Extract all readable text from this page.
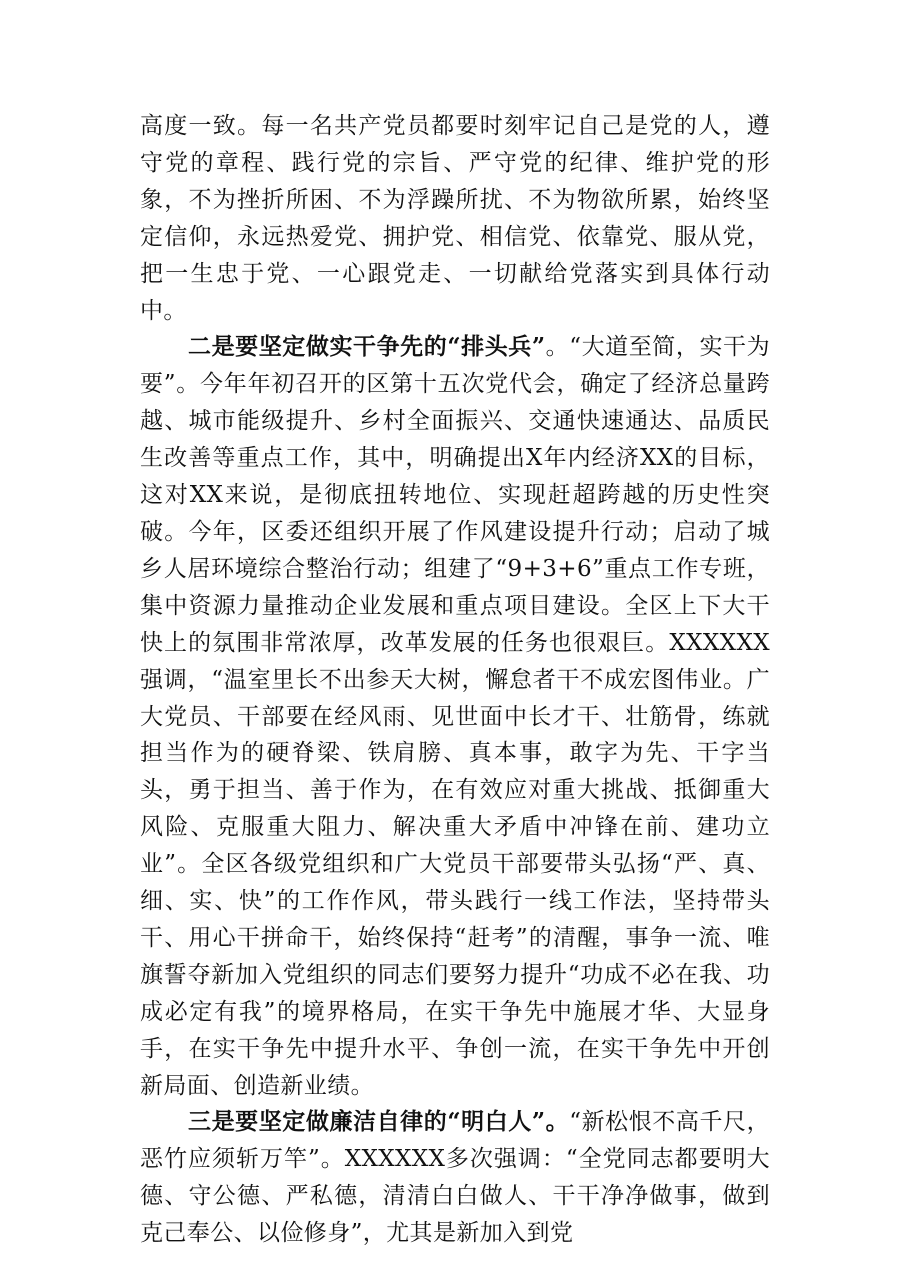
高度一致。每一名共产党员都要时刻牢记自己是党的人，遵守党的章程、践行党的宗旨、严守党的纪律、维护党的形象，不为挫折所困、不为浮躁所扰、不为物欲所累，始终坚定信仰，永远热爱党、拥护党、相信党、依靠党、服从党，把一生忠于党、一心跟党走、一切献给党落实到具体行动中。

二是要坚定做实干争先的“排头兵”。“大道至简，实干为要”。今年年初召开的区第十五次党代会，确定了经济总量跨越、城市能级提升、乡村全面振兴、交通快速通达、品质民生改善等重点工作，其中，明确提出X年内经济XX的目标，这对XX来说，是彻底扭转地位、实现赶超跨越的历史性突破。今年，区委还组织开展了作风建设提升行动；启动了城乡人居环境综合整治行动；组建了“9+3+6”重点工作专班，集中资源力量推动企业发展和重点项目建设。全区上下大干快上的氛围非常浓厚，改革发展的任务也很艰巨。XXXXXX强调，“温室里长不出参天大树，懈怠者干不成宏图伟业。广大党员、干部要在经风雨、见世面中长才干、壮筋骨，练就担当作为的硬脊梁、铁肩膀、真本事，敢字为先、干字当头，勇于担当、善于作为，在有效应对重大挑战、抵御重大风险、克服重大阻力、解决重大矛盾中冲锋在前、建功立业”。全区各级党组织和广大党员干部要带头弘扬“严、真、细、实、快”的工作作风，带头践行一线工作法，坚持带头干、用心干拼命干，始终保持“赶考”的清醒，事争一流、唯旗誓夺新加入党组织的同志们要努力提升“功成不必在我、功成必定有我”的境界格局，在实干争先中施展才华、大显身手，在实干争先中提升水平、争创一流，在实干争先中开创新局面、创造新业绩。

三是要坚定做廉洁自律的“明白人”。“新松恨不高千尺，恶竹应须斩万竿”。XXXXXX多次强调：“全党同志都要明大德、守公德、严私德，清清白白做人、干干净净做事，做到克己奉公、以俭修身”，尤其是新加入到党
